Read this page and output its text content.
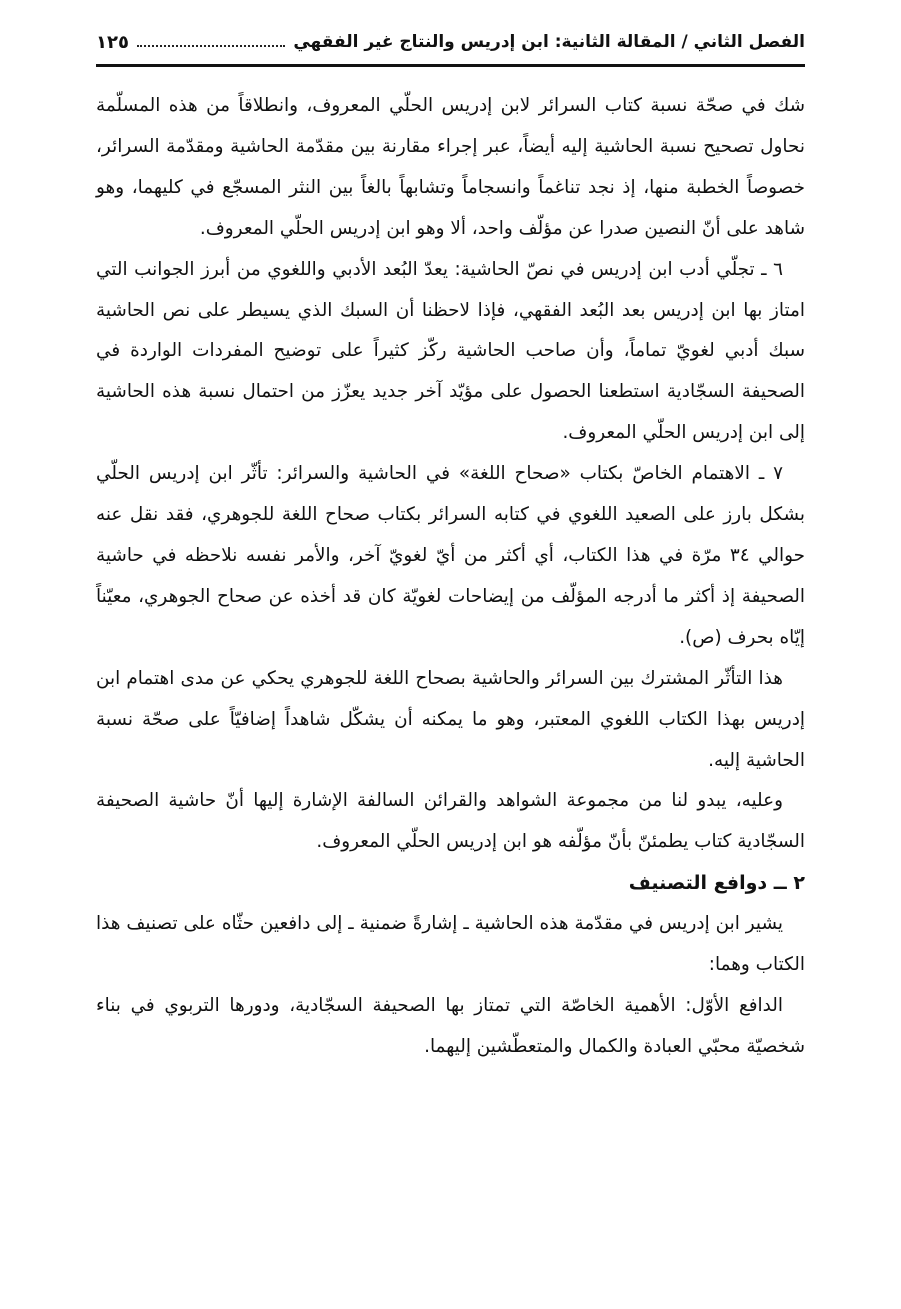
الفصل الثاني / المقالة الثانية: ابن إدريس والنتاج غير الفقهي
١٢٥

شك في صحّة نسبة كتاب السرائر لابن إدريس الحلّي المعروف، وانطلاقاً من هذه المسلّمة نحاول تصحيح نسبة الحاشية إليه أيضاً، عبر إجراء مقارنة بين مقدّمة الحاشية ومقدّمة السرائر، خصوصاً الخطبة منها، إذ نجد تناغماً وانسجاماً وتشابهاً بالغاً بين النثر المسجّع في كليهما، وهو شاهد على أنّ النصين صدرا عن مؤلّف واحد، ألا وهو ابن إدريس الحلّي المعروف.

٦ ـ تجلّي أدب ابن إدريس في نصّ الحاشية: يعدّ البُعد الأدبي واللغوي من أبرز الجوانب التي امتاز بها ابن إدريس بعد البُعد الفقهي، فإذا لاحظنا أن السبك الذي يسيطر على نص الحاشية سبك أدبي لغويّ تماماً، وأن صاحب الحاشية ركّز كثيراً على توضيح المفردات الواردة في الصحيفة السجّادية استطعنا الحصول على مؤيّد آخر جديد يعزّز من احتمال نسبة هذه الحاشية إلى ابن إدريس الحلّي المعروف.

٧ ـ الاهتمام الخاصّ بكتاب «صحاح اللغة» في الحاشية والسرائر: تأثّر ابن إدريس الحلّي بشكل بارز على الصعيد اللغوي في كتابه السرائر بكتاب صحاح اللغة للجوهري، فقد نقل عنه حوالي ٣٤ مرّة في هذا الكتاب، أي أكثر من أيّ لغويّ آخر، والأمر نفسه نلاحظه في حاشية الصحيفة إذ أكثر ما أدرجه المؤلّف من إيضاحات لغويّة كان قد أخذه عن صحاح الجوهري، معيّناً إيّاه بحرف (ص).

هذا التأثّر المشترك بين السرائر والحاشية بصحاح اللغة للجوهري يحكي عن مدى اهتمام ابن إدريس بهذا الكتاب اللغوي المعتبر، وهو ما يمكنه أن يشكّل شاهداً إضافيّاً على صحّة نسبة الحاشية إليه.

وعليه، يبدو لنا من مجموعة الشواهد والقرائن السالفة الإشارة إليها أنّ حاشية الصحيفة السجّادية كتاب يطمئنّ بأنّ مؤلّفه هو ابن إدريس الحلّي المعروف.

٢ ــ دوافع التصنيف

يشير ابن إدريس في مقدّمة هذه الحاشية ـ إشارةً ضمنية ـ إلى دافعين حثّاه على تصنيف هذا الكتاب وهما:

الدافع الأوّل: الأهمية الخاصّة التي تمتاز بها الصحيفة السجّادية، ودورها التربوي في بناء شخصيّة محبّي العبادة والكمال والمتعطّشين إليهما.
